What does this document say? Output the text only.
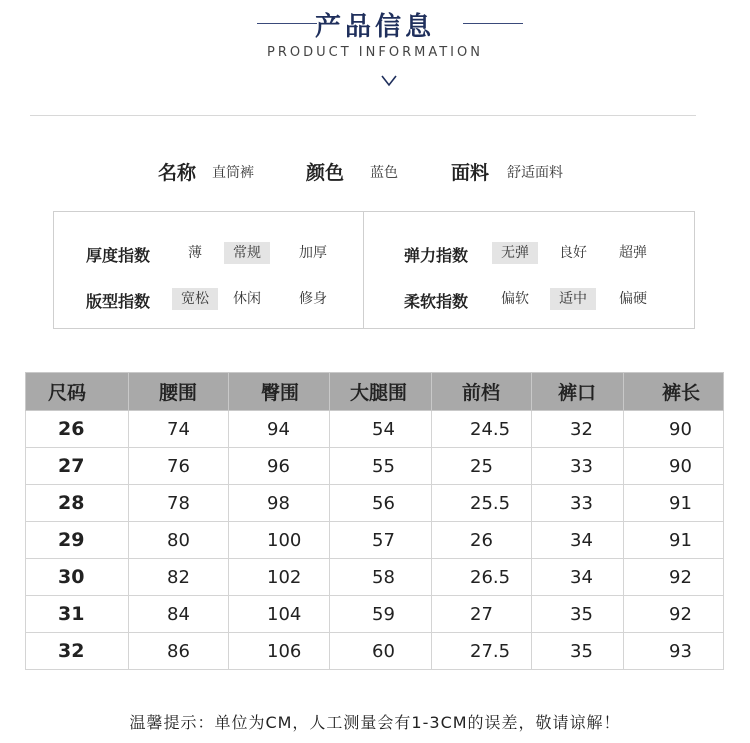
产品信息
PRODUCT INFORMATION
名称 直筒裤	颜色 蓝色	面料 舒适面料
厚度指数	薄	常规	加厚
版型指数	宽松	休闲	修身
弹力指数	无弹	良好	超弹
柔软指数	偏软	适中	偏硬
尺码	腰围	臀围	大腿围	前档	裤口	裤长

26	74	94	54	24.5	32	90

27	76	96	55	25	33	90

28	78	98	56	25.5	33	91

29	80	100	57	26	34	91

30	82	102	58	26.5	34	92

31	84	104	59	27	35	92

32	86	106	60	27.5	35	93
温馨提示：单位为CM，人工测量会有1-3CM的误差，敬请谅解！
